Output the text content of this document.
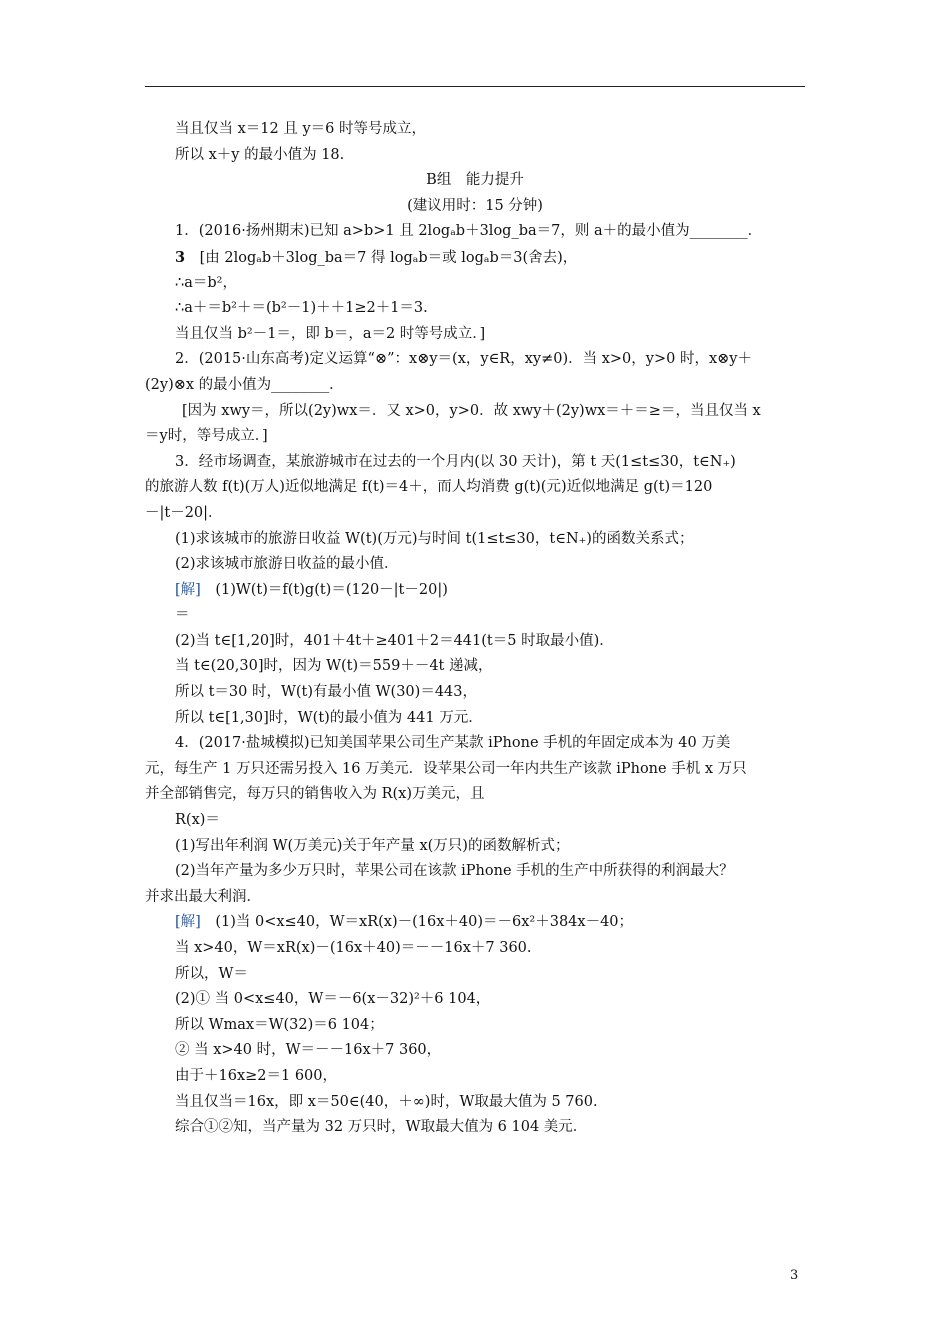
当且仅当 x＝12 且 y＝6 时等号成立，
所以 x＋y 的最小值为 18.
B组　能力提升
(建议用时：15 分钟)
1．(2016·扬州期末)已知 a>b>1 且 2logₐb＋3log_ba＝7，则 a＋的最小值为________．
3　[由 2logₐb＋3log_ba＝7 得 logₐb＝或 logₐb＝3(舍去)，
∴a＝b²，
∴a＋＝b²＋＝(b²－1)＋＋1≥2＋1＝3.
当且仅当 b²－1＝，即 b＝，a＝2 时等号成立．]
2．(2015·山东高考)定义运算“⊗”：x⊗y＝(x，y∈R，xy≠0)．当 x>0，y>0 时，x⊗y＋
(2y)⊗x 的最小值为________．
[因为 xwy＝，所以(2y)wx＝．又 x>0，y>0．故 xwy＋(2y)wx＝＋＝≥＝，当且仅当 x
＝y时，等号成立．]
3．经市场调查，某旅游城市在过去的一个月内(以 30 天计)，第 t 天(1≤t≤30，t∈N₊)
的旅游人数 f(t)(万人)近似地满足 f(t)＝4＋，而人均消费 g(t)(元)近似地满足 g(t)＝120
－|t－20|．
(1)求该城市的旅游日收益 W(t)(万元)与时间 t(1≤t≤30，t∈N₊)的函数关系式；
(2)求该城市旅游日收益的最小值．
[解]　(1)W(t)＝f(t)g(t)＝(120－|t－20|)
＝
(2)当 t∈[1,20]时，401＋4t＋≥401＋2＝441(t＝5 时取最小值)．
当 t∈(20,30]时，因为 W(t)＝559＋－4t 递减，
所以 t＝30 时，W(t)有最小值 W(30)＝443，
所以 t∈[1,30]时，W(t)的最小值为 441 万元．
4．(2017·盐城模拟)已知美国苹果公司生产某款 iPhone 手机的年固定成本为 40 万美
元，每生产 1 万只还需另投入 16 万美元．设苹果公司一年内共生产该款 iPhone 手机 x 万只
并全部销售完，每万只的销售收入为 R(x)万美元，且
R(x)＝
(1)写出年利润 W(万美元)关于年产量 x(万只)的函数解析式；
(2)当年产量为多少万只时，苹果公司在该款 iPhone 手机的生产中所获得的利润最大？
并求出最大利润．
[解]　(1)当 0<x≤40，W＝xR(x)－(16x＋40)＝－6x²＋384x－40；
当 x>40，W＝xR(x)－(16x＋40)＝－－16x＋7 360.
所以，W＝
(2)① 当 0<x≤40，W＝－6(x－32)²＋6 104，
所以 Wmax＝W(32)＝6 104；
② 当 x>40 时，W＝－－16x＋7 360，
由于＋16x≥2＝1 600，
当且仅当＝16x，即 x＝50∈(40，＋∞)时，W取最大值为 5 760.
综合①②知，当产量为 32 万只时，W取最大值为 6 104 美元．
3
